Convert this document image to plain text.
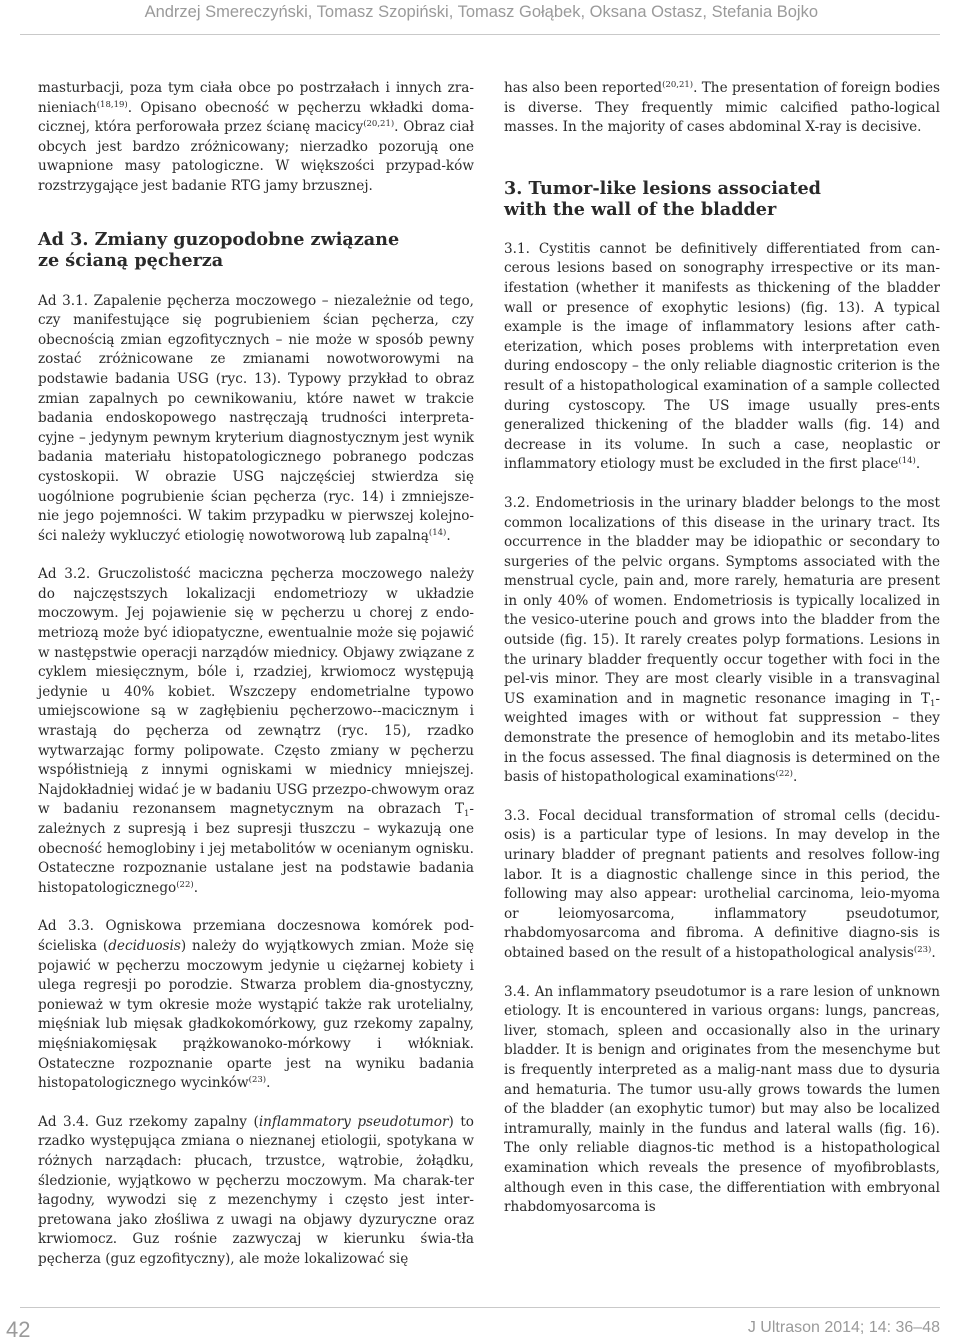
Andrzej Smereczyński, Tomasz Szopiński, Tomasz Gołąbek, Oksana Ostasz, Stefania Bojko

masturbacji, poza tym ciała obce po postrzałach i innych zra-nieniach$^{(18,19)}$. Opisano obecność w pęcherzu wkładki doma-cicznej, która perforowała przez ścianę macicy$^{(20,21)}$. Obraz ciał obcych jest bardzo zróżnicowany; nierzadko pozorują one uwapnione masy patologiczne. W większości przypad-ków rozstrzygające jest badanie RTG jamy brzusznej.

Ad 3. Zmiany guzopodobne związane
ze ścianą pęcherza

Ad 3.1. Zapalenie pęcherza moczowego – niezależnie od tego, czy manifestujące się pogrubieniem ścian pęcherza, czy obecnością zmian egzofitycznych – nie może w sposób pewny zostać zróżnicowane ze zmianami nowotworowymi na podstawie badania USG (ryc. 13). Typowy przykład to obraz zmian zapalnych po cewnikowaniu, które nawet w trakcie badania endoskopowego nastręczają trudności interpreta-cyjne – jedynym pewnym kryterium diagnostycznym jest wynik badania materiału histopatologicznego pobranego podczas cystoskopii. W obrazie USG najczęściej stwierdza się uogólnione pogrubienie ścian pęcherza (ryc. 14) i zmniejsze-nie jego pojemności. W takim przypadku w pierwszej kolejno-ści należy wykluczyć etiologię nowotworową lub zapalną$^{(14)}$.

Ad 3.2. Gruczolistość maciczna pęcherza moczowego należy do najczęstszych lokalizacji endometriozy w układzie moczowym. Jej pojawienie się w pęcherzu u chorej z endo-metriozą może być idiopatyczne, ewentualnie może się pojawić w następstwie operacji narządów miednicy. Objawy związane z cyklem miesięcznym, bóle i, rzadziej, krwiomocz występują jedynie u 40% kobiet. Wszczepy endometrialne typowo umiejscowione są w zagłębieniu pęcherzowo--macicznym i wrastają do pęcherza od zewnątrz (ryc. 15), rzadko wytwarzając formy polipowate. Często zmiany w pęcherzu współistnieją z innymi ogniskami w miednicy mniejszej. Najdokładniej widać je w badaniu USG przezpo-chwowym oraz w badaniu rezonansem magnetycznym na obrazach $T_1$-zależnych z supresją i bez supresji tłuszczu – wykazują one obecność hemoglobiny i jej metabolitów w ocenianym ognisku. Ostateczne rozpoznanie ustalane jest na podstawie badania histopatologicznego$^{(22)}$.

Ad 3.3. Ogniskowa przemiana doczesnowa komórek pod-ścieliska (deciduosis) należy do wyjątkowych zmian. Może się pojawić w pęcherzu moczowym jedynie u ciężarnej kobiety i ulega regresji po porodzie. Stwarza problem dia-gnostyczny, ponieważ w tym okresie może wystąpić także rak urotelialny, mięśniak lub mięsak gładkokomórkowy, guz rzekomy zapalny, mięśniakomięsak prążkowanoko-mórkowy i włókniak. Ostateczne rozpoznanie oparte jest na wyniku badania histopatologicznego wycinków$^{(23)}$.

Ad 3.4. Guz rzekomy zapalny (inflammatory pseudotumor) to rzadko występująca zmiana o nieznanej etiologii, spotykana w różnych narządach: płucach, trzustce, wątrobie, żołądku, śledzionie, wyjątkowo w pęcherzu moczowym. Ma charak-ter łagodny, wywodzi się z mezenchymy i często jest inter-pretowana jako złośliwa z uwagi na objawy dyzuryczne oraz krwiomocz. Guz rośnie zazwyczaj w kierunku świa-tła pęcherza (guz egzofityczny), ale może lokalizować się

has also been reported$^{(20,21)}$. The presentation of foreign bodies is diverse. They frequently mimic calcified patho-logical masses. In the majority of cases abdominal X-ray is decisive.

3. Tumor-like lesions associated
with the wall of the bladder

3.1. Cystitis cannot be definitively differentiated from can-cerous lesions based on sonography irrespective or its man-ifestation (whether it manifests as thickening of the bladder wall or presence of exophytic lesions) (fig. 13). A typical example is the image of inflammatory lesions after cath-eterization, which poses problems with interpretation even during endoscopy – the only reliable diagnostic criterion is the result of a histopathological examination of a sample collected during cystoscopy. The US image usually pres-ents generalized thickening of the bladder walls (fig. 14) and decrease in its volume. In such a case, neoplastic or inflammatory etiology must be excluded in the first place$^{(14)}$.

3.2. Endometriosis in the urinary bladder belongs to the most common localizations of this disease in the urinary tract. Its occurrence in the bladder may be idiopathic or secondary to surgeries of the pelvic organs. Symptoms associated with the menstrual cycle, pain and, more rarely, hematuria are present in only 40% of women. Endometriosis is typically localized in the vesico-uterine pouch and grows into the bladder from the outside (fig. 15). It rarely creates polyp formations. Lesions in the urinary bladder frequently occur together with foci in the pel-vis minor. They are most clearly visible in a transvaginal US examination and in magnetic resonance imaging in $T_1$-weighted images with or without fat suppression – they demonstrate the presence of hemoglobin and its metabo-lites in the focus assessed. The final diagnosis is determined on the basis of histopathological examinations$^{(22)}$.

3.3. Focal decidual transformation of stromal cells (decidu-osis) is a particular type of lesions. In may develop in the urinary bladder of pregnant patients and resolves follow-ing labor. It is a diagnostic challenge since in this period, the following may also appear: urothelial carcinoma, leio-myoma or leiomyosarcoma, inflammatory pseudotumor, rhabdomyosarcoma and fibroma. A definitive diagno-sis is obtained based on the result of a histopathological analysis$^{(23)}$.

3.4. An inflammatory pseudotumor is a rare lesion of unknown etiology. It is encountered in various organs: lungs, pancreas, liver, stomach, spleen and occasionally also in the urinary bladder. It is benign and originates from the mesenchyme but is frequently interpreted as a malig-nant mass due to dysuria and hematuria. The tumor usu-ally grows towards the lumen of the bladder (an exophytic tumor) but may also be localized intramurally, mainly in the fundus and lateral walls (fig. 16). The only reliable diagnos-tic method is a histopathological examination which reveals the presence of myofibroblasts, although even in this case, the differentiation with embryonal rhabdomyosarcoma is

42	J Ultrason 2014; 14: 36–48
